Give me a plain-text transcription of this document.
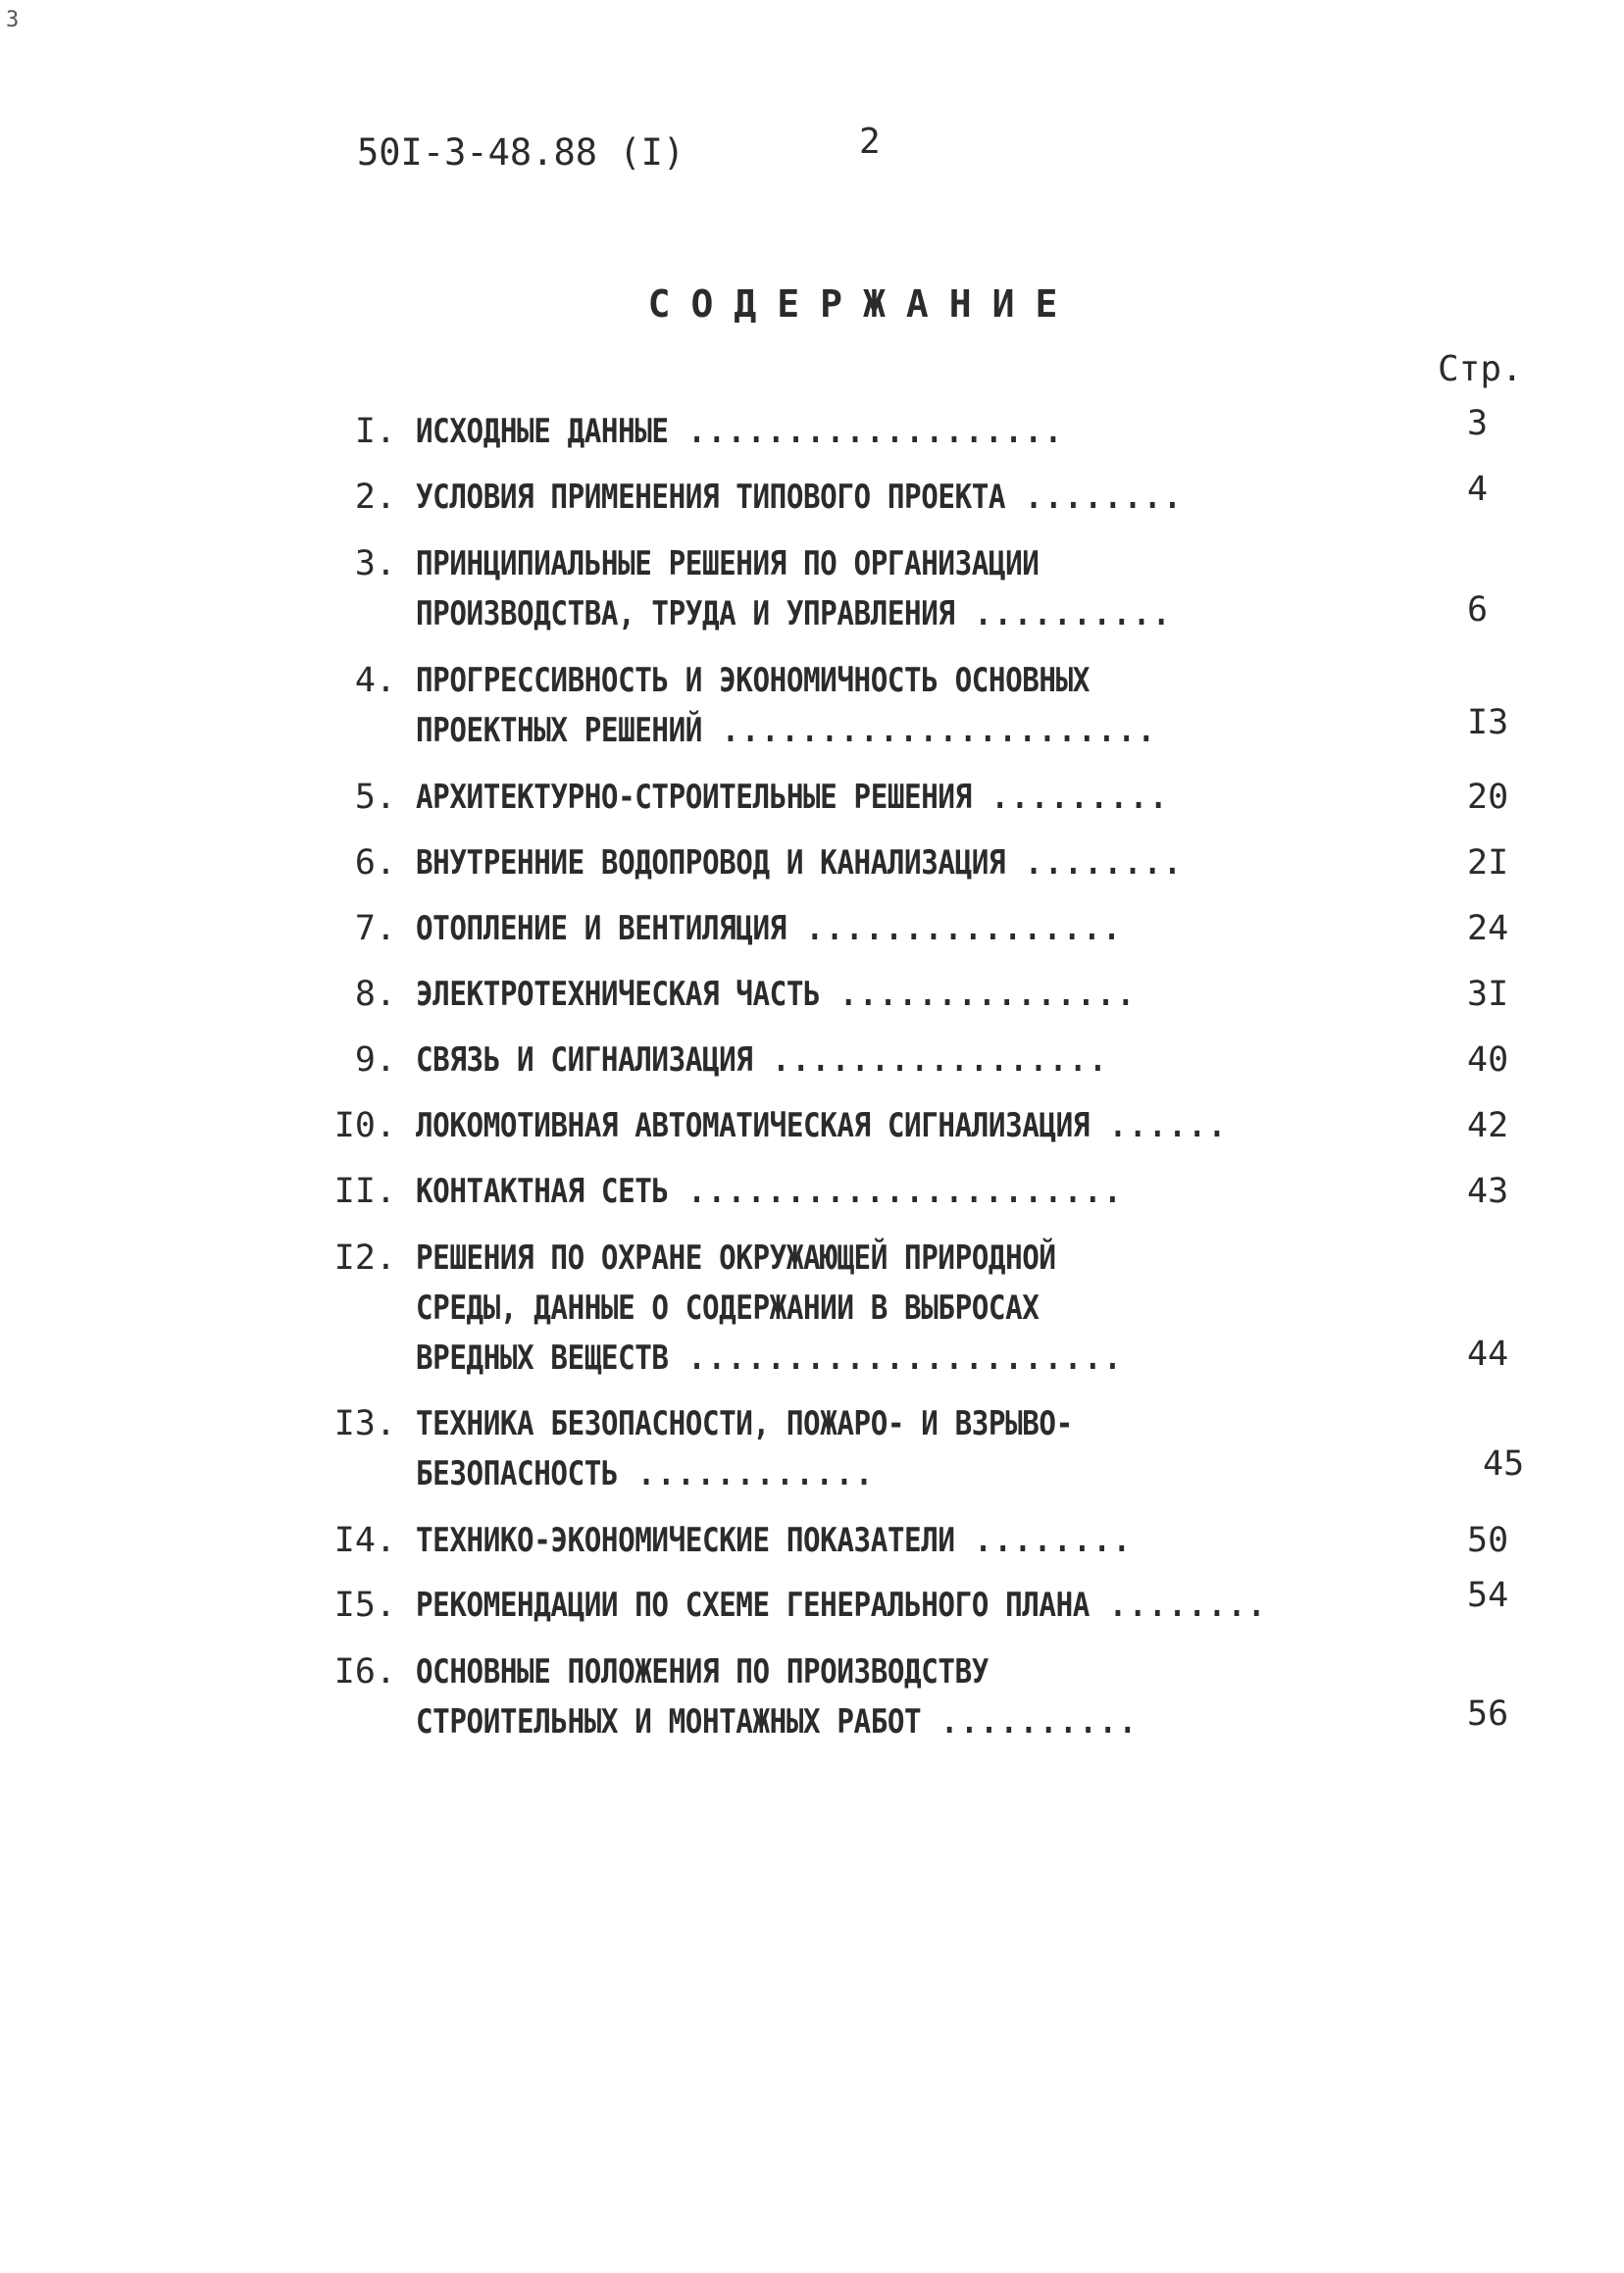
3
50I-3-48.88 (I)	2
СОДЕРЖАНИЕ
Стр.
I. ИСХОДНЫЕ ДАННЫЕ ...................	3
2. УСЛОВИЯ ПРИМЕНЕНИЯ ТИПОВОГО ПРОЕКТА ........	4
3. ПРИНЦИПИАЛЬНЫЕ РЕШЕНИЯ ПО ОРГАНИЗАЦИИ
ПРОИЗВОДСТВА, ТРУДА И УПРАВЛЕНИЯ ..........	6
4. ПРОГРЕССИВНОСТЬ И ЭКОНОМИЧНОСТЬ ОСНОВНЫХ
ПРОЕКТНЫХ РЕШЕНИЙ ......................	I3
5. АРХИТЕКТУРНО-СТРОИТЕЛЬНЫЕ РЕШЕНИЯ .........	20
6. ВНУТРЕННИЕ ВОДОПРОВОД И КАНАЛИЗАЦИЯ ........	2I
7. ОТОПЛЕНИЕ И ВЕНТИЛЯЦИЯ ................	24
8. ЭЛЕКТРОТЕХНИЧЕСКАЯ ЧАСТЬ ...............	3I
9. СВЯЗЬ И СИГНАЛИЗАЦИЯ .................	40
I0. ЛОКОМОТИВНАЯ АВТОМАТИЧЕСКАЯ СИГНАЛИЗАЦИЯ ......	42
II. КОНТАКТНАЯ СЕТЬ ......................	43
I2. РЕШЕНИЯ ПО ОХРАНЕ ОКРУЖАЮЩЕЙ ПРИРОДНОЙ
СРЕДЫ, ДАННЫЕ О СОДЕРЖАНИИ В ВЫБРОСАХ
ВРЕДНЫХ ВЕЩЕСТВ ......................	44
I3. ТЕХНИКА БЕЗОПАСНОСТИ, ПОЖАРО- И ВЗРЫВО-
БЕЗОПАСНОСТЬ ............	45
I4. ТЕХНИКО-ЭКОНОМИЧЕСКИЕ ПОКАЗАТЕЛИ ........	50
I5. РЕКОМЕНДАЦИИ ПО СХЕМЕ ГЕНЕРАЛЬНОГО ПЛАНА ........	54
I6. ОСНОВНЫЕ ПОЛОЖЕНИЯ ПО ПРОИЗВОДСТВУ
СТРОИТЕЛЬНЫХ И МОНТАЖНЫХ РАБОТ ..........	56
